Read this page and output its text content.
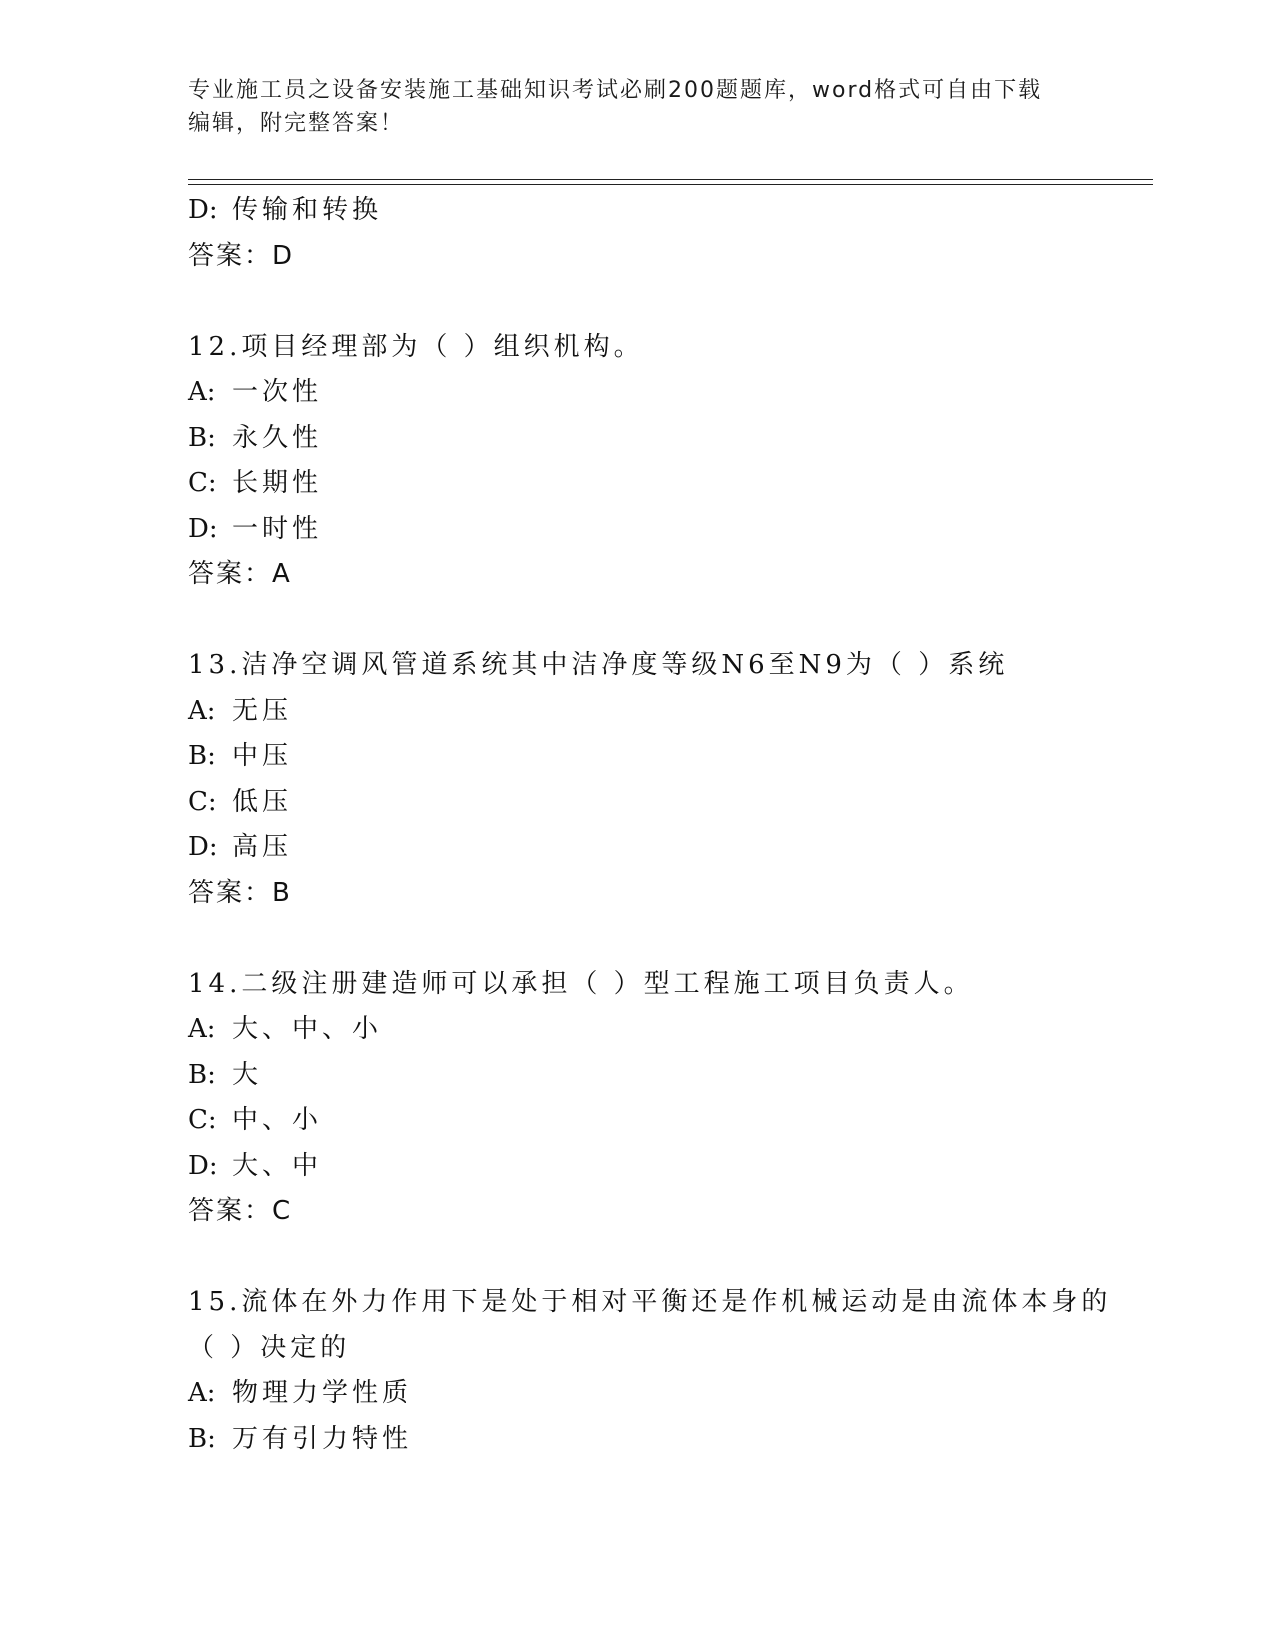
专业施工员之设备安装施工基础知识考试必刷200题题库，word格式可自由下载
编辑，附完整答案！
D: 传输和转换
答案：D
12.项目经理部为（ ）组织机构。
A: 一次性
B: 永久性
C: 长期性
D: 一时性
答案：A
13.洁净空调风管道系统其中洁净度等级N6至N9为（ ）系统
A: 无压
B: 中压
C: 低压
D: 高压
答案：B
14.二级注册建造师可以承担（ ）型工程施工项目负责人。
A: 大、中、小
B: 大
C: 中、小
D: 大、中
答案：C
15.流体在外力作用下是处于相对平衡还是作机械运动是由流体本身的
（ ）决定的
A: 物理力学性质
B: 万有引力特性
